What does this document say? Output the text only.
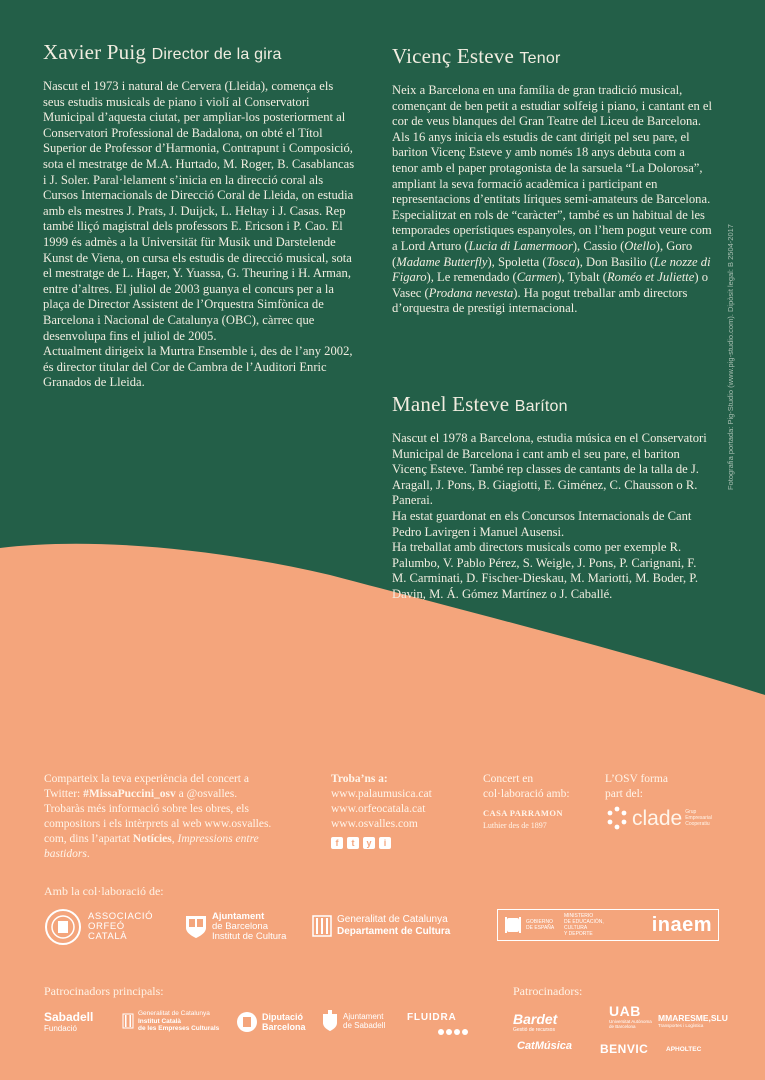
Xavier Puig Director de la gira

Nascut el 1973 i natural de Cervera (Lleida), comença els seus estudis musicals de piano i violí al Conservatori Municipal d’aquesta ciutat, per ampliar-los posteriorment al Conservatori Professional de Badalona, on obté el Títol Superior de Professor d’Harmonia, Contrapunt i Composició, sota el mestratge de M.A. Hurtado, M. Roger, B. Casablancas i J. Soler. Paral·lelament s’inicia en la direcció coral als Cursos Internacionals de Direcció Coral de Lleida, on estudia amb els mestres J. Prats, J. Duijck, L. Heltay i J. Casas. Rep també lliçó magistral dels professors E. Ericson i P. Cao. El 1999 és admès a la Universität für Musik und Darstelende Kunst de Viena, on cursa els estudis de direcció musical, sota el mestratge de L. Hager, Y. Yuassa, G. Theuring i H. Arman, entre d’altres. El juliol de 2003 guanya el concurs per a la plaça de Director Assistent de l’Orquestra Simfònica de Barcelona i Nacional de Catalunya (OBC), càrrec que desenvolupa fins el juliol de 2005.

Actualment dirigeix la Murtra Ensemble i, des de l’any 2002, és director titular del Cor de Cambra de l’Auditori Enric Granados de Lleida.

Vicenç Esteve Tenor

Neix a Barcelona en una família de gran tradició musical, començant de ben petit a estudiar solfeig i piano, i cantant en el cor de veus blanques del Gran Teatre del Liceu de Barcelona. Als 16 anys inicia els estudis de cant dirigit pel seu pare, el barìton Vicenç Esteve y amb només 18 anys debuta com a tenor amb el paper protagonista de la sarsuela “La Dolorosa”, ampliant la seva formació acadèmica i participant en representacions d’entitats líriques semi-amateurs de Barcelona.

Especialitzat en rols de “caràcter”, també es un habitual de les temporades operístiques espanyoles, on l’hem pogut veure com a Lord Arturo (Lucia di Lamermoor), Cassio (Otello), Goro (Madame Butterfly), Spoletta (Tosca), Don Basilio (Le nozze di Figaro), Le remendado (Carmen), Tybalt (Roméo et Juliette) o Vasec (Prodana nevesta). Ha pogut treballar amb directors d’orquestra de prestigi internacional.

Manel Esteve Baríton

Nascut el 1978 a Barcelona, estudia música en el Conservatori Municipal de Barcelona i cant amb el seu pare, el bariton Vicenç Esteve. També rep classes de cantants de la talla de J. Aragall, J. Pons, B. Giagiotti, E. Giménez, C. Chausson o R. Panerai.

Ha estat guardonat en els Concursos Internacionals de Cant Pedro Lavirgen i Manuel Ausensi.

Ha treballat amb directors musicals como per exemple R. Palumbo, V. Pablo Pérez, S. Weigle, J. Pons, P. Carignani, F. M. Carminati, D. Fischer-Dieskau, M. Mariotti, M. Boder, P. Davin, M. Á. Gómez Martínez o J. Caballé.

Fotografia portada: Pig-Studio (www.pig-studio.com). Dipòsit legal: B 2504-2017
Comparteix la teva experiència del concert a
Twitter: #MissaPuccini_osv a @osvalles.
Trobaràs més informació sobre les obres, els
compositors i els intèrprets al web www.osvalles.
com, dins l’apartat Notícies, Impressions entre
bastidors.
Troba’ns a:
www.palaumusica.cat
www.orfeocatala.cat
www.osvalles.com
f t y i
Concert en
col·laboració amb:
CASA PARRAMON
Luthier des de 1897
L’OSV forma
part del:
clade Grup Empresarial Cooperatiu
Amb la col·laboració de:
ASSOCIACIÓ
ORFEÓ
CATALÀ
Ajuntament
de Barcelona
Institut de Cultura
Generalitat de Catalunya
Departament de Cultura
GOBIERNO
DE ESPAÑA
MINISTERIO
DE EDUCACIÓN, CULTURA
Y DEPORTE	inaem
Patrocinadors principals:
Sabadell
Fundació
Generalitat de Catalunya
Institut Català
de les Empreses Culturals
Diputació
Barcelona
Ajuntament
de Sabadell
FLUIDRA
Patrocinadors:
Bardet
Gestió de recursos
UAB
Universitat Autònoma
de Barcelona
MMARESME,SLU
Transportes i Logística
CatMúsica BENVIC	APHOLTEC
